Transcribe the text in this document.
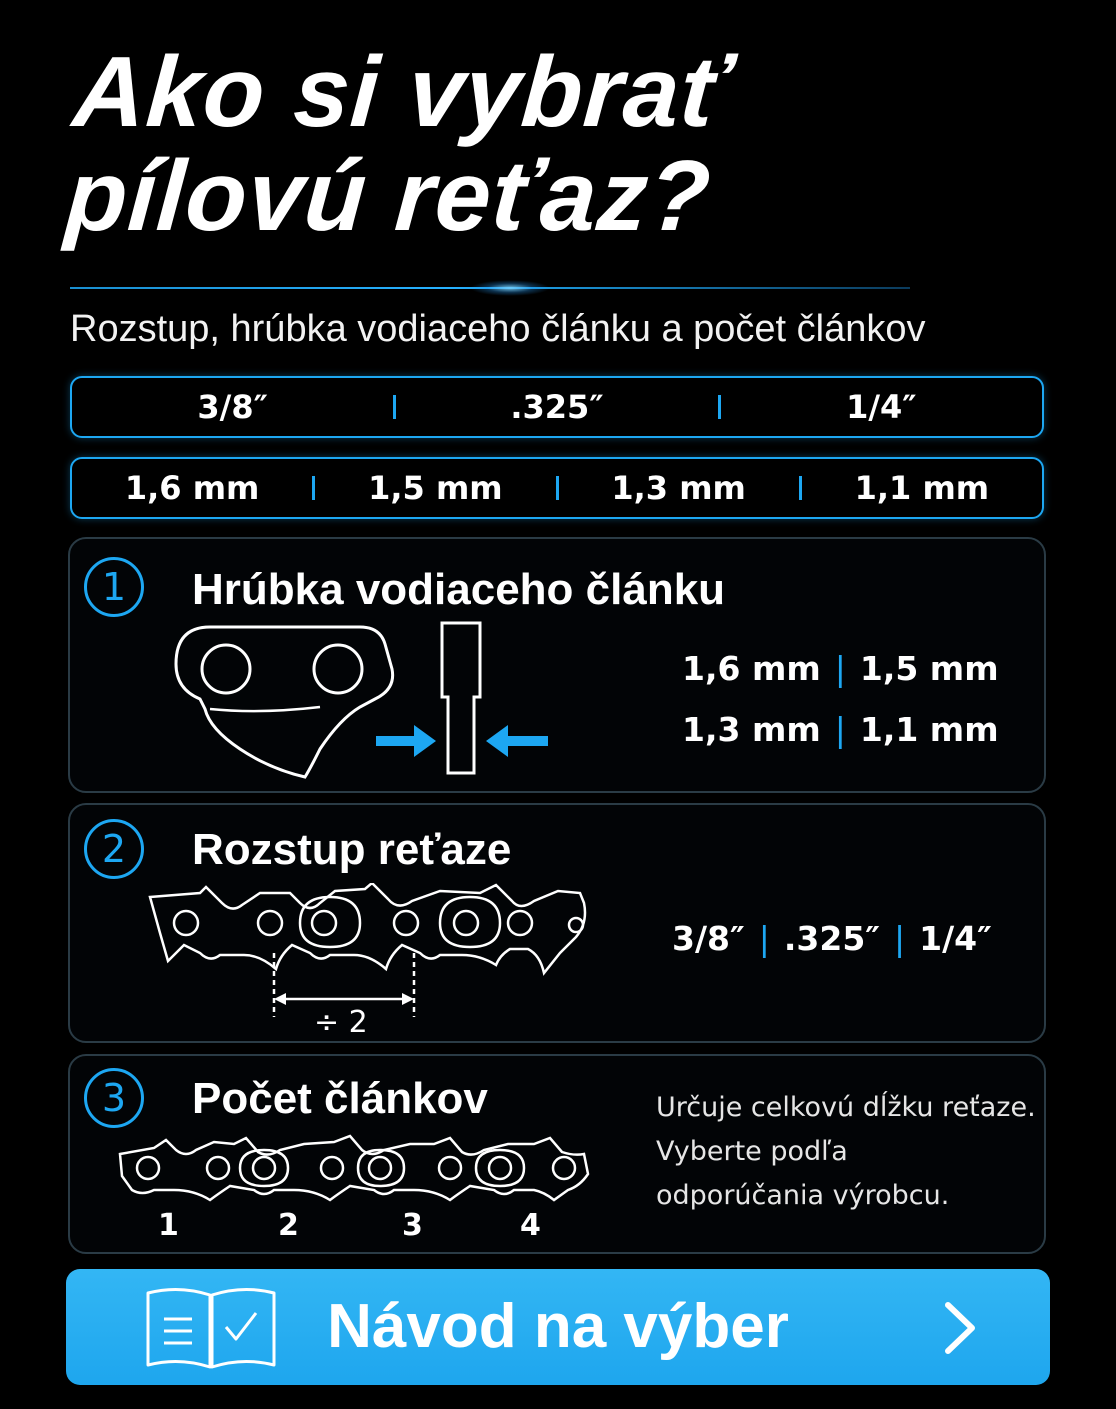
Ako si vybrať
pílovú reťaz?
Rozstup, hrúbka vodiaceho článku a počet článkov
3/8″	.325″	1/4″
1,6 mm	1,5 mm	1,3 mm	1,1 mm
1	Hrúbka vodiaceho článku
1,6 mm | 1,5 mm
1,3 mm | 1,1 mm
2	Rozstup reťaze
÷ 2
3/8″ | .325″ | 1/4″
3	Počet článkov
1	2	3	4
Určuje celkovú dĺžku reťaze.
Vyberte podľa
odporúčania výrobcu.
Návod na výber
